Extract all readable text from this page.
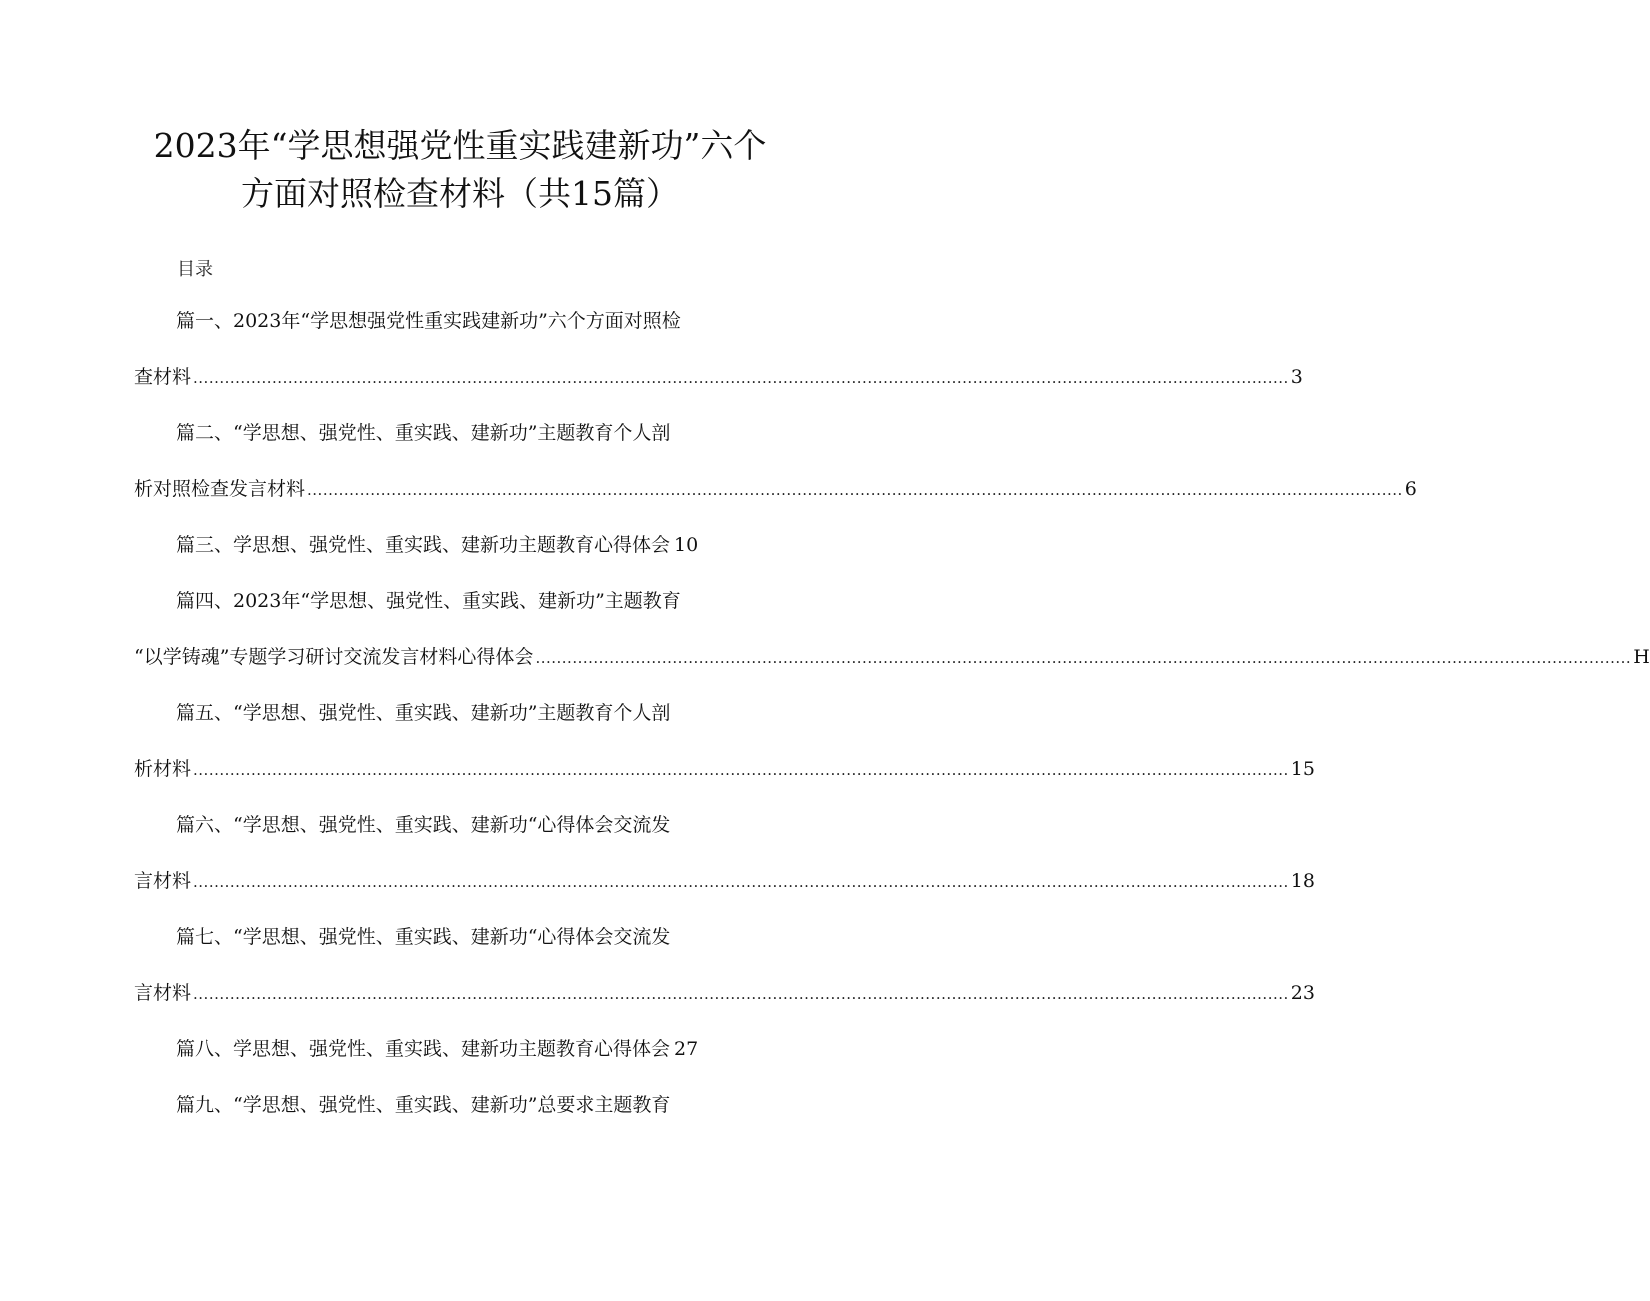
2023年“学思想强党性重实践建新功”六个
方面对照检查材料（共15篇）
目录
篇一、2023年“学思想强党性重实践建新功”六个方面对照检
查材料 ................................................................................................................................................................................................................ 3
篇二、“学思想、强党性、重实践、建新功”主题教育个人剖
析对照检查发言材料 ................................................................................................................................................................................................................ 6
篇三、学思想、强党性、重实践、建新功主题教育心得体会 10
篇四、2023年“学思想、强党性、重实践、建新功”主题教育
“以学铸魂”专题学习研讨交流发言材料心得体会 ................................................................................................................................................................................................................ H
篇五、“学思想、强党性、重实践、建新功”主题教育个人剖
析材料 ................................................................................................................................................................................................................ 15
篇六、“学思想、强党性、重实践、建新功“心得体会交流发
言材料 ................................................................................................................................................................................................................ 18
篇七、“学思想、强党性、重实践、建新功“心得体会交流发
言材料 ................................................................................................................................................................................................................ 23
篇八、学思想、强党性、重实践、建新功主题教育心得体会 27
篇九、“学思想、强党性、重实践、建新功”总要求主题教育
